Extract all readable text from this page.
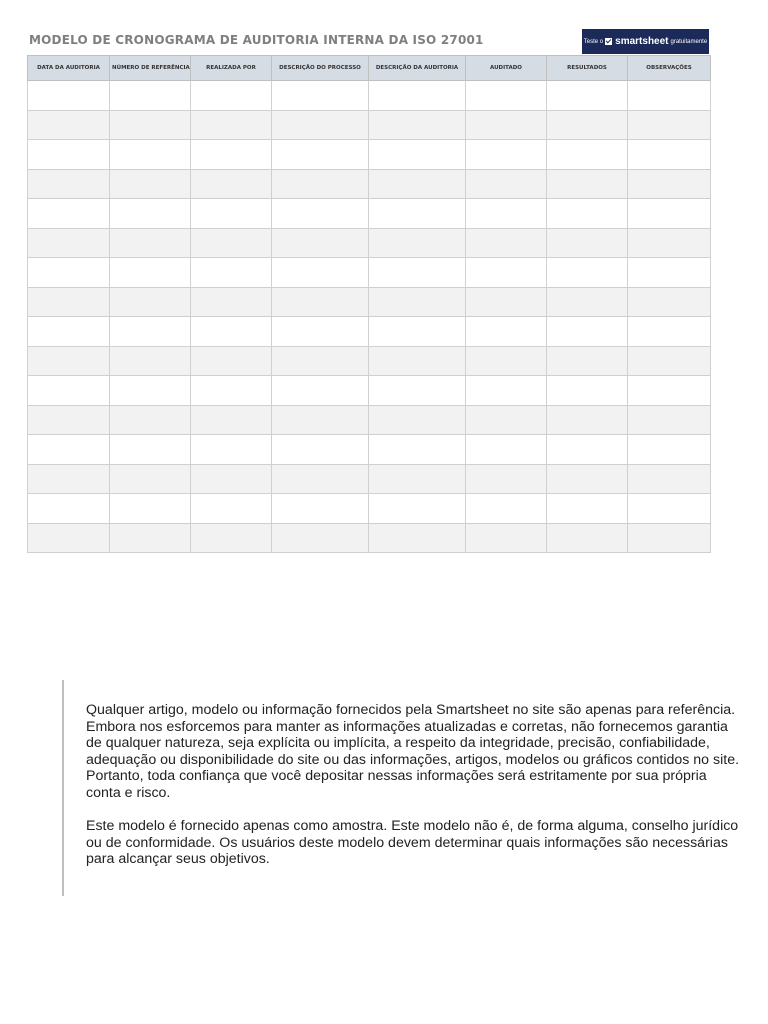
MODELO DE CRONOGRAMA DE AUDITORIA INTERNA DA ISO 27001	Teste o smartsheet gratuitamente
DATA DA AUDITORIA	NÚMERO DE REFERÊNCIA	REALIZADA POR	DESCRIÇÃO DO PROCESSO	DESCRIÇÃO DA AUDITORIA	AUDITADO	RESULTADOS	OBSERVAÇÕES

Qualquer artigo, modelo ou informação fornecidos pela Smartsheet no site são apenas para referência. Embora nos esforcemos para manter as informações atualizadas e corretas, não fornecemos garantia de qualquer natureza, seja explícita ou implícita, a respeito da integridade, precisão, confiabilidade, adequação ou disponibilidade do site ou das informações, artigos, modelos ou gráficos contidos no site. Portanto, toda confiança que você depositar nessas informações será estritamente por sua própria conta e risco.

Este modelo é fornecido apenas como amostra. Este modelo não é, de forma alguma, conselho jurídico ou de conformidade. Os usuários deste modelo devem determinar quais informações são necessárias para alcançar seus objetivos.
